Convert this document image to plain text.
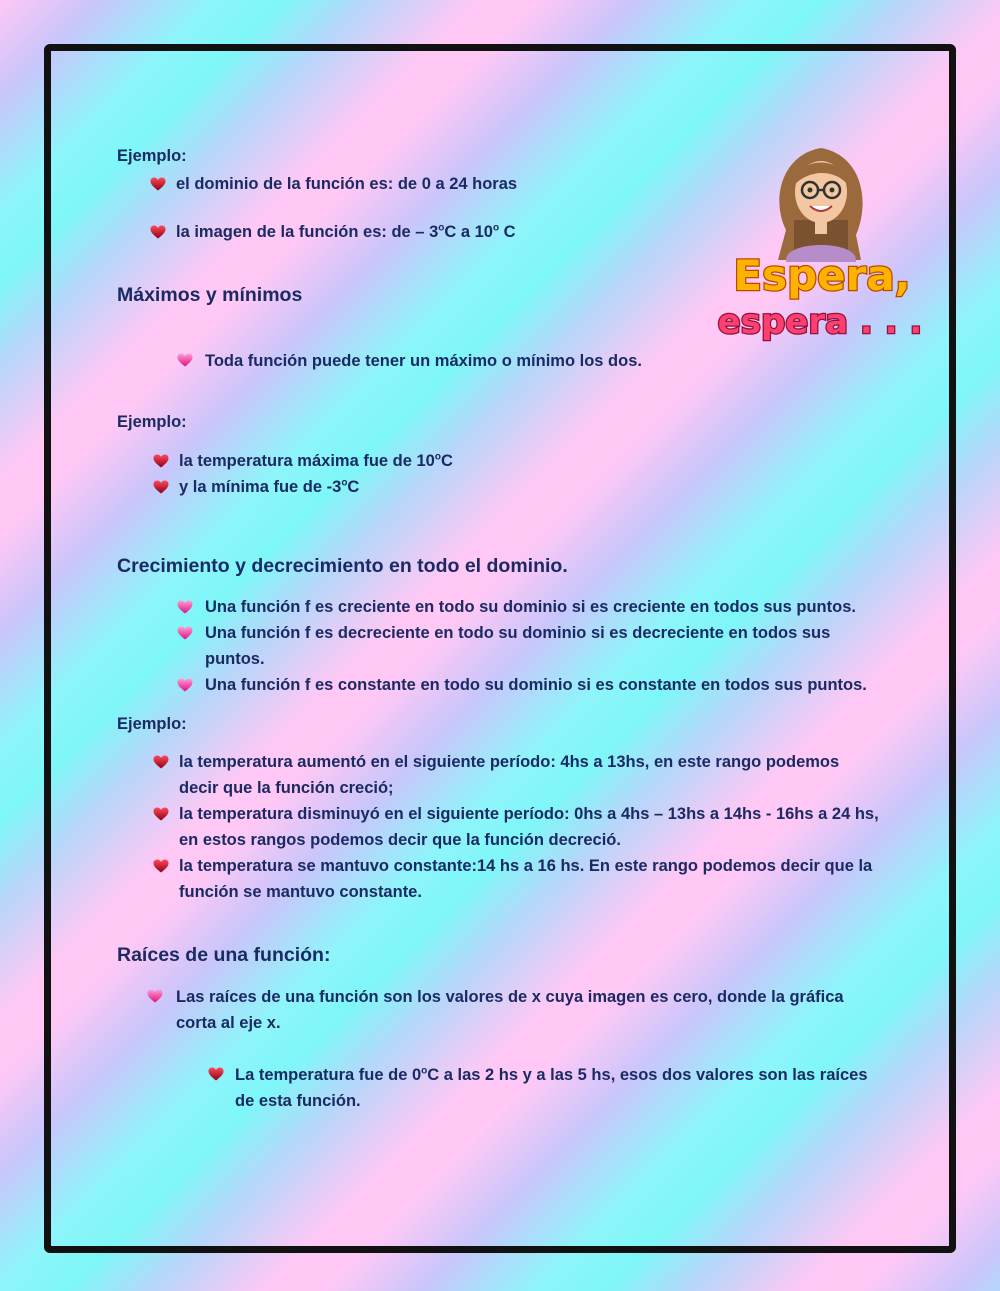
Ejemplo:
el dominio de la función es: de 0 a 24 horas
la imagen de la función es: de – 3$^o$C a 10$^o$ C
Espera,
espera . . .
Máximos y mínimos
Toda función puede tener un máximo o mínimo los dos.
Ejemplo:
la temperatura máxima fue de 10$^o$C
y la mínima fue de -3$^o$C
Crecimiento y decrecimiento en todo el dominio.
Una función f es creciente en todo su dominio si es creciente en todos sus puntos.
Una función f es decreciente en todo su dominio si es decreciente en todos sus puntos.
Una función f es constante en todo su dominio si es constante en todos sus puntos.
Ejemplo:
la temperatura aumentó en el siguiente período: 4hs a 13hs, en este rango podemos decir que la función creció;
la temperatura disminuyó en el siguiente período: 0hs a 4hs – 13hs a 14hs - 16hs a 24 hs, en estos rangos podemos decir que la función decreció.
la temperatura se mantuvo constante:14 hs a 16 hs. En este rango podemos decir que la función se mantuvo constante.
Raíces de una función:
Las raíces de una función son los valores de x cuya imagen es cero, donde la gráfica corta al eje x.
La temperatura fue de 0$^o$C a las 2 hs y a las 5 hs, esos dos valores son las raíces de esta función.
